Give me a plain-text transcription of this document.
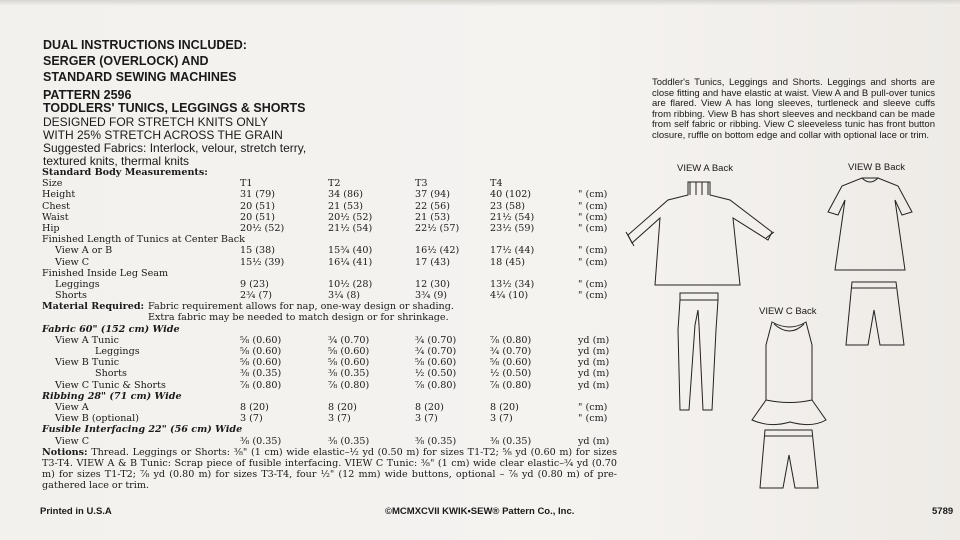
DUAL INSTRUCTIONS INCLUDED:
SERGER (OVERLOCK) AND
STANDARD SEWING MACHINES
PATTERN 2596
TODDLERS' TUNICS, LEGGINGS & SHORTS
DESIGNED FOR STRETCH KNITS ONLY
WITH 25% STRETCH ACROSS THE GRAIN
Suggested Fabrics: Interlock, velour, stretch terry,
textured knits, thermal knits
Standard Body Measurements:
Size	T1	T2	T3	T4
Height	31 (79)	34 (86)	37 (94)	40 (102)	" (cm)
Chest	20 (51)	21 (53)	22 (56)	23 (58)	" (cm)
Waist	20 (51)	20½ (52)	21 (53)	21½ (54)	" (cm)
Hip	20½ (52)	21½ (54)	22½ (57)	23½ (59)	" (cm)
Finished Length of Tunics at Center Back
View A or B	15 (38)	15¾ (40)	16½ (42)	17½ (44)	" (cm)
View C	15½ (39)	16¼ (41)	17 (43)	18 (45)	" (cm)
Finished Inside Leg Seam
Leggings	9 (23)	10½ (28)	12 (30)	13½ (34)	" (cm)
Shorts	2¾ (7)	3¼ (8)	3¾ (9)	4¼ (10)	" (cm)
Material Required: Fabric requirement allows for nap, one-way design or shading.
Extra fabric may be needed to match design or for shrinkage.
Fabric 60" (152 cm) Wide
View A Tunic	⅝ (0.60)	¾ (0.70)	¾ (0.70)	⅞ (0.80)	yd (m)
Leggings	⅝ (0.60)	⅝ (0.60)	¾ (0.70)	¾ (0.70)	yd (m)
View B Tunic	⅝ (0.60)	⅝ (0.60)	⅝ (0.60)	⅝ (0.60)	yd (m)
Shorts	⅜ (0.35)	⅜ (0.35)	½ (0.50)	½ (0.50)	yd (m)
View C Tunic & Shorts	⅞ (0.80)	⅞ (0.80)	⅞ (0.80)	⅞ (0.80)	yd (m)
Ribbing 28" (71 cm) Wide
View A	8 (20)	8 (20)	8 (20)	8 (20)	" (cm)
View B (optional)	3 (7)	3 (7)	3 (7)	3 (7)	" (cm)
Fusible Interfacing 22" (56 cm) Wide
View C	⅜ (0.35)	⅜ (0.35)	⅜ (0.35)	⅜ (0.35)	yd (m)

Notions: Thread. Leggings or Shorts: ⅜" (1 cm) wide elastic–½ yd (0.50 m) for sizes T1-T2; ⅝ yd (0.60 m) for sizes T3-T4. VIEW A & B Tunic: Scrap piece of fusible interfacing. VIEW C Tunic: ⅜" (1 cm) wide clear elastic–¾ yd (0.70 m) for sizes T1-T2; ⅞ yd (0.80 m) for sizes T3-T4, four ½" (12 mm) wide buttons, optional – ⅞ yd (0.80 m) of pre-gathered lace or trim.

Toddler's Tunics, Leggings and Shorts. Leggings and shorts are close fitting and have elastic at waist. View A and B pull-over tunics are flared. View A has long sleeves, turtleneck and sleeve cuffs from ribbing. View B has short sleeves and neckband can be made from self fabric or ribbing. View C sleeveless tunic has front button closure, ruffle on bottom edge and collar with optional lace or trim.
VIEW A Back	VIEW B Back
VIEW C Back
Printed in U.S.A	©MCMXCVII KWIK•SEW® Pattern Co., Inc.	5789
